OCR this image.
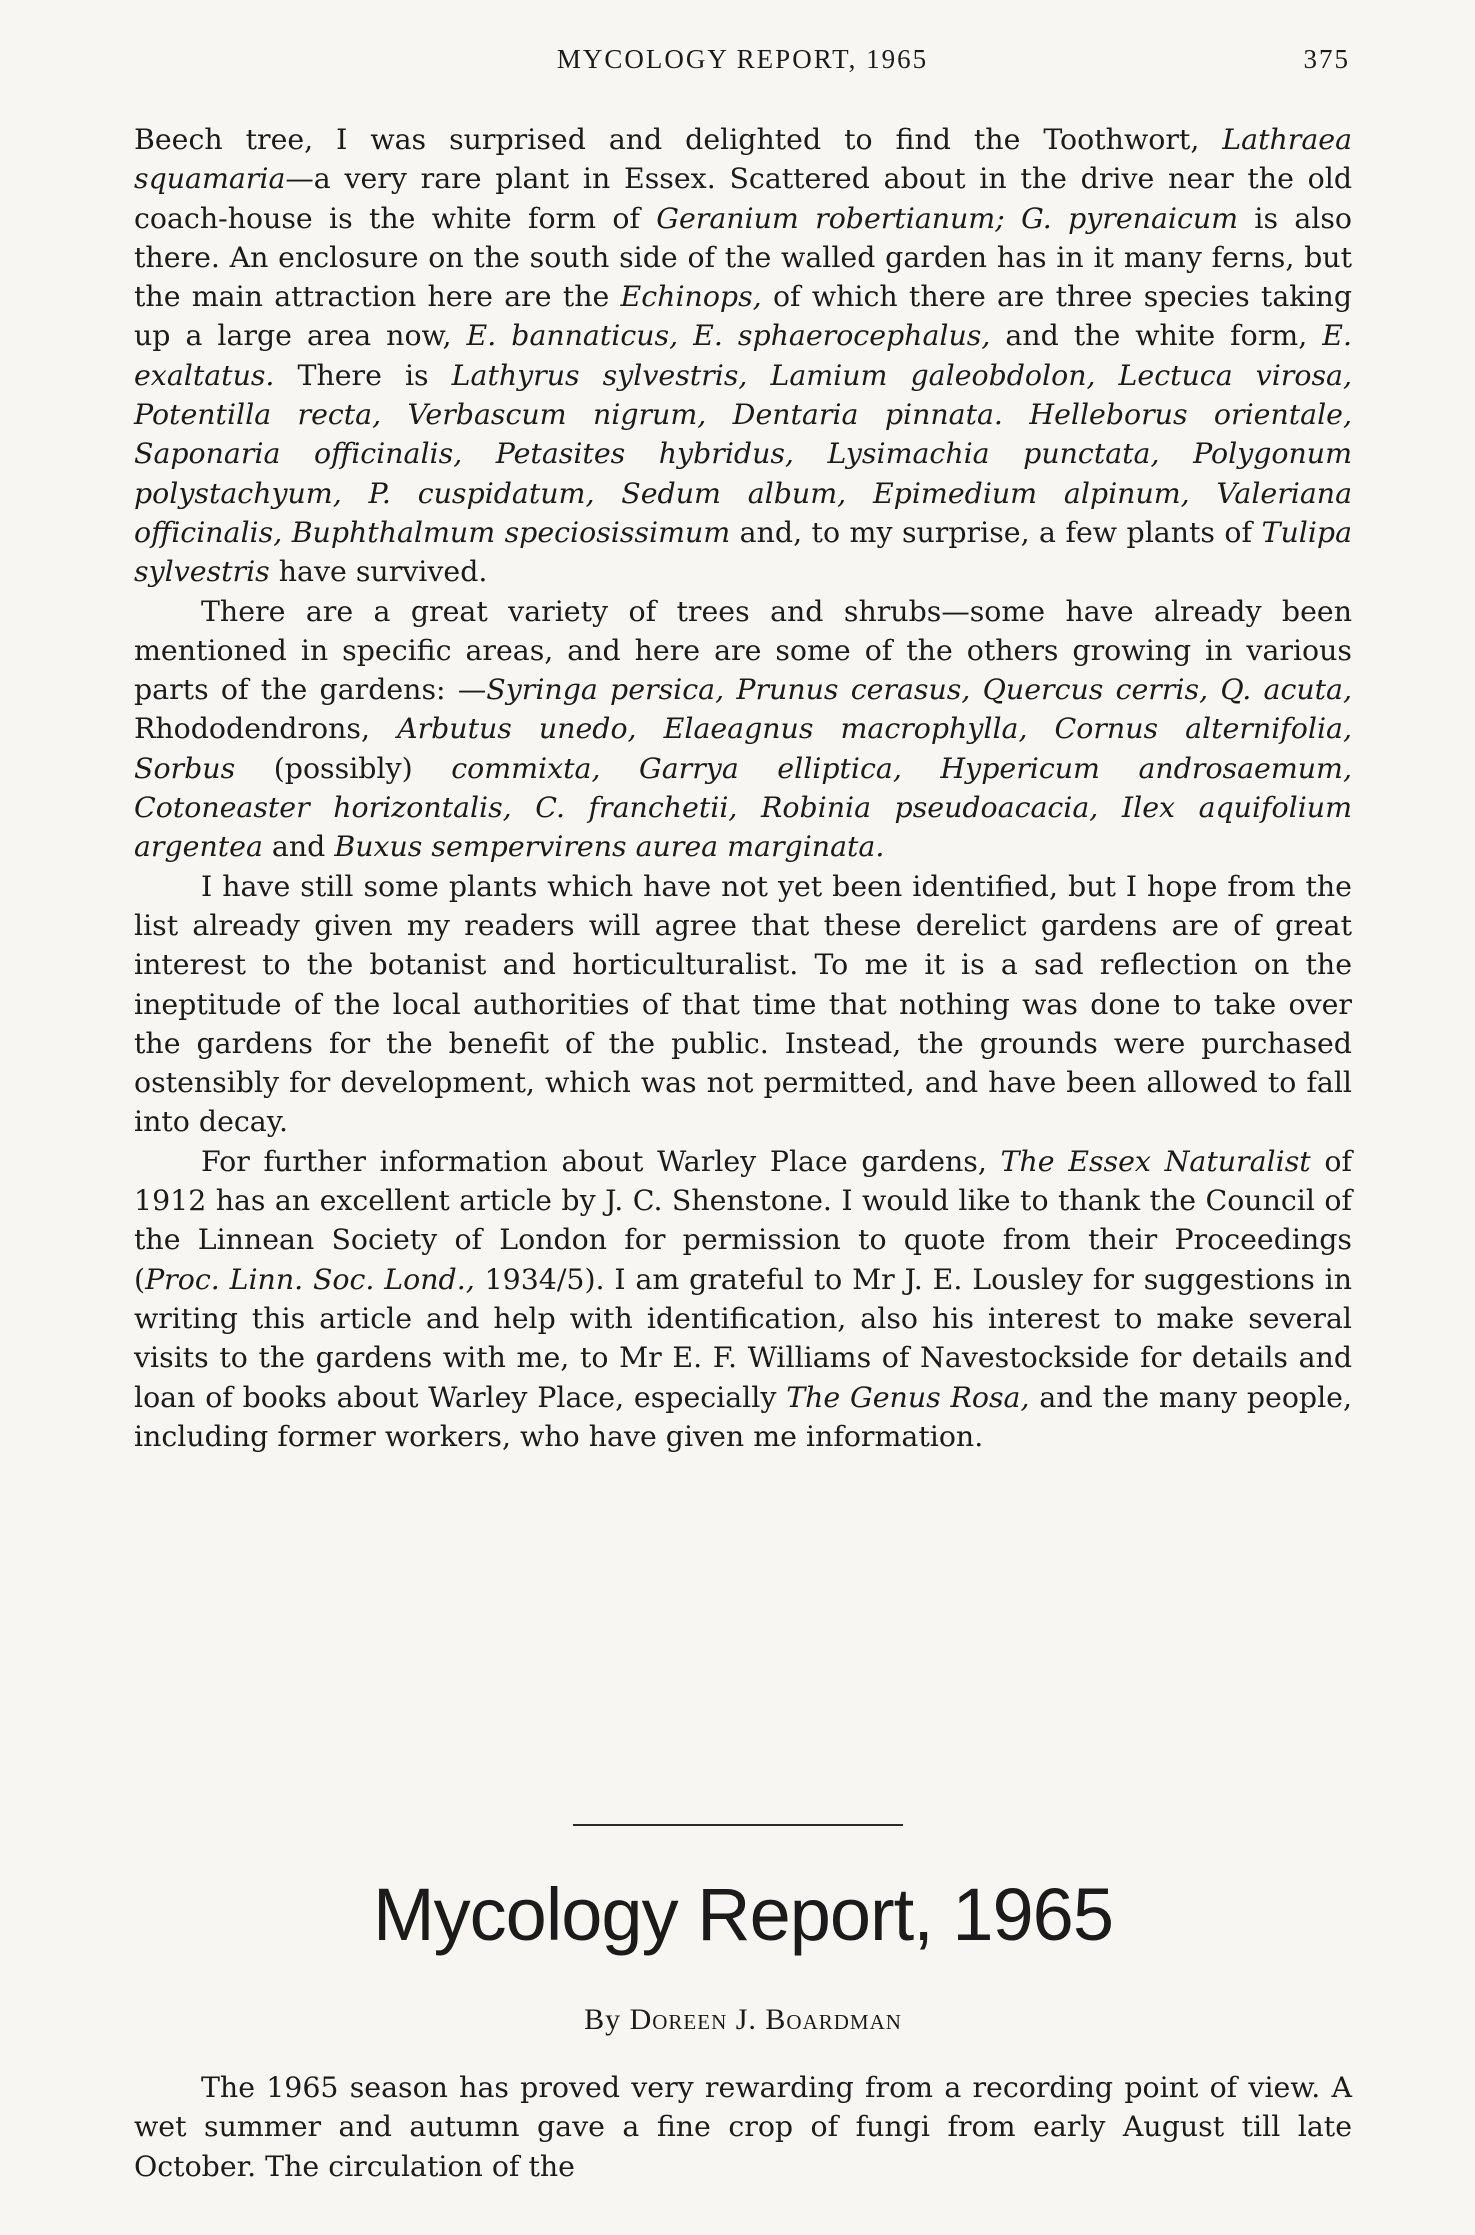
MYCOLOGY REPORT, 1965	375

Beech tree, I was surprised and delighted to find the Toothwort, Lathraea squamaria—a very rare plant in Essex. Scattered about in the drive near the old coach-house is the white form of Geranium robertianum; G. pyrenaicum is also there. An enclosure on the south side of the walled garden has in it many ferns, but the main attraction here are the Echinops, of which there are three species taking up a large area now, E. bannaticus, E. sphaerocephalus, and the white form, E. exaltatus. There is Lathyrus sylvestris, Lamium galeobdolon, Lectuca virosa, Potentilla recta, Verbascum nigrum, Dentaria pinnata. Helleborus orientale, Saponaria officinalis, Petasites hybridus, Lysimachia punctata, Polygonum polystachyum, P. cuspidatum, Sedum album, Epimedium alpinum, Valeriana officinalis, Buphthalmum speciosissimum and, to my surprise, a few plants of Tulipa sylvestris have survived.

There are a great variety of trees and shrubs—some have already been mentioned in specific areas, and here are some of the others growing in various parts of the gardens: —Syringa persica, Prunus cerasus, Quercus cerris, Q. acuta, Rhododendrons, Arbutus unedo, Elaeagnus macrophylla, Cornus alternifolia, Sorbus (possibly) commixta, Garrya elliptica, Hypericum androsaemum, Cotoneaster horizontalis, C. franchetii, Robinia pseudoacacia, Ilex aquifolium argentea and Buxus sempervirens aurea marginata.

I have still some plants which have not yet been identified, but I hope from the list already given my readers will agree that these derelict gardens are of great interest to the botanist and horticulturalist. To me it is a sad reflection on the ineptitude of the local authorities of that time that nothing was done to take over the gardens for the benefit of the public. Instead, the grounds were purchased ostensibly for development, which was not permitted, and have been allowed to fall into decay.

For further information about Warley Place gardens, The Essex Naturalist of 1912 has an excellent article by J. C. Shenstone. I would like to thank the Council of the Linnean Society of London for permission to quote from their Proceedings (Proc. Linn. Soc. Lond., 1934/5). I am grateful to Mr J. E. Lousley for suggestions in writing this article and help with identification, also his interest to make several visits to the gardens with me, to Mr E. F. Williams of Navestockside for details and loan of books about Warley Place, especially The Genus Rosa, and the many people, including former workers, who have given me information.

Mycology Report, 1965
By Doreen J. Boardman

The 1965 season has proved very rewarding from a recording point of view. A wet summer and autumn gave a fine crop of fungi from early August till late October. The circulation of the
